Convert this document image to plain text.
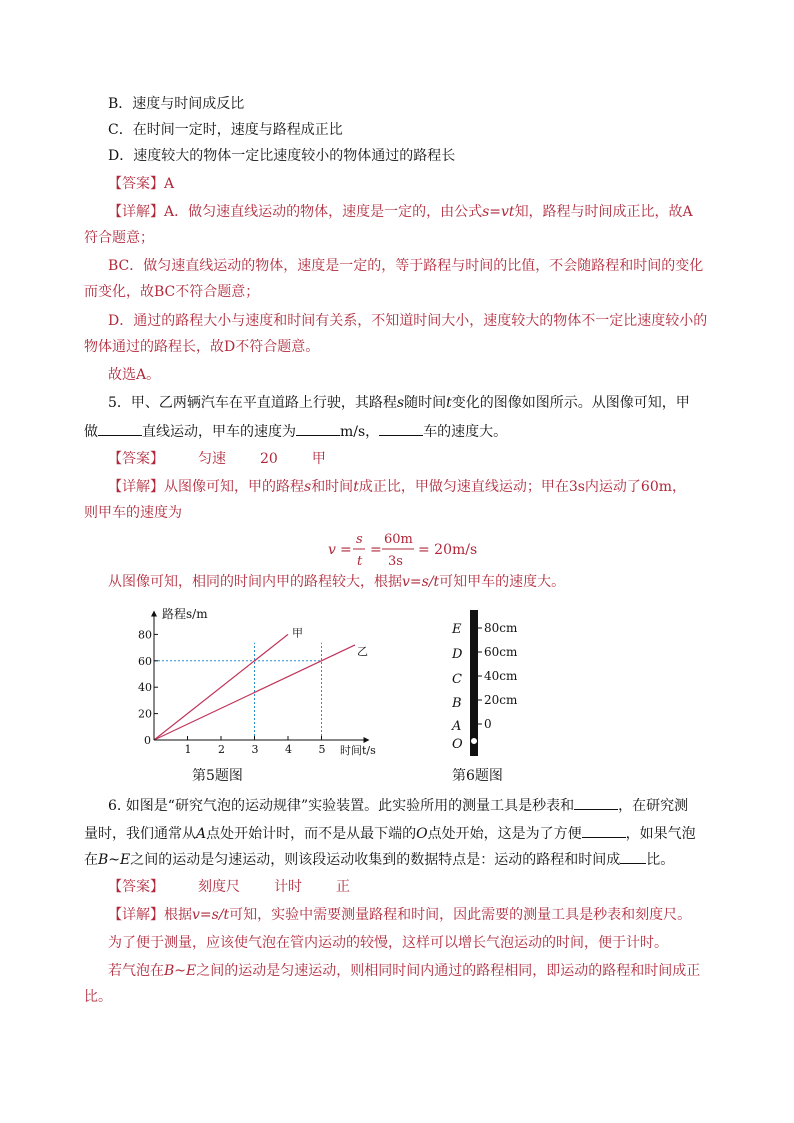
B．速度与时间成反比
C．在时间一定时，速度与路程成正比
D．速度较大的物体一定比速度较小的物体通过的路程长
【答案】A
【详解】A．做匀速直线运动的物体，速度是一定的，由公式s=vt知，路程与时间成正比，故A
符合题意；
BC．做匀速直线运动的物体，速度是一定的，等于路程与时间的比值，不会随路程和时间的变化
而变化，故BC不符合题意；
D．通过的路程大小与速度和时间有关系，不知道时间大小，速度较大的物体不一定比速度较小的
物体通过的路程长，故D不符合题意。
故选A。
5．甲、乙两辆汽车在平直道路上行驶，其路程s随时间t变化的图像如图所示。从图像可知，甲
做	直线运动，甲车的速度为	m/s，	车的速度大。
【答案】 匀速 20 甲
【详解】从图像可知，甲的路程s和时间t成正比，甲做匀速直线运动；甲在3s内运动了60m，
则甲车的速度为
v =
s
t
=
60m
3s
= 20m/s
从图像可知，相同的时间内甲的路程较大，根据v=s/t可知甲车的速度大。
20
40
60
80
1 2 3 4 5
路程s/m
时间t/s
0
甲
乙
第5题图
E
D
C
B
A
O
80cm
60cm
40cm
20cm
0
第6题图
6. 如图是“研究气泡的运动规律”实验装置。此实验所用的测量工具是秒表和	，在研究测
量时，我们通常从A点处开始计时，而不是从最下端的O点处开始，这是为了方便	，如果气泡
在B~E之间的运动是匀速运动，则该段运动收集到的数据特点是：运动的路程和时间成 比。
【答案】 刻度尺 计时 正
【详解】根据v=s/t可知，实验中需要测量路程和时间，因此需要的测量工具是秒表和刻度尺。
为了便于测量，应该使气泡在管内运动的较慢，这样可以增长气泡运动的时间，便于计时。
若气泡在B~E之间的运动是匀速运动，则相同时间内通过的路程相同，即运动的路程和时间成正
比。
